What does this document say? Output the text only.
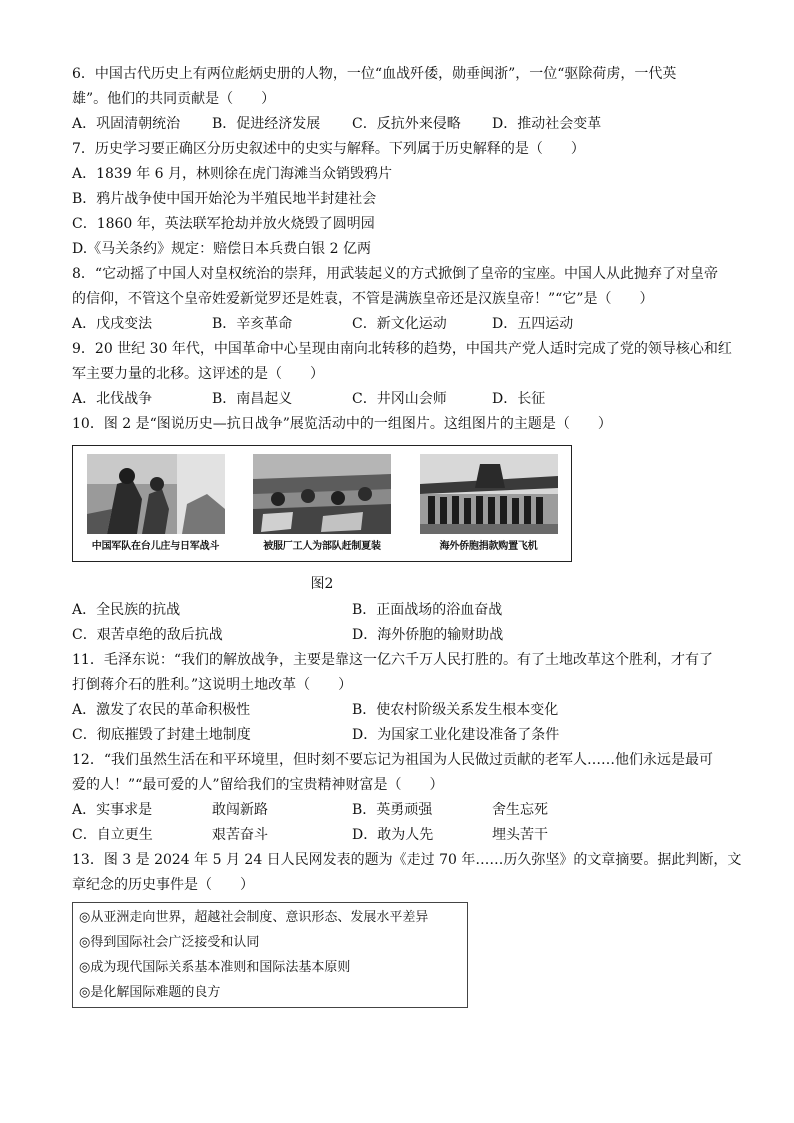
6．中国古代历史上有两位彪炳史册的人物，一位“血战歼倭，勋垂闽浙”，一位“驱除荷虏，一代英
雄”。他们的共同贡献是（　　）
A．巩固清朝统治	B．促进经济发展	C．反抗外来侵略	D．推动社会变革
7．历史学习要正确区分历史叙述中的史实与解释。下列属于历史解释的是（　　）
A．1839 年 6 月，林则徐在虎门海滩当众销毁鸦片
B．鸦片战争使中国开始沦为半殖民地半封建社会
C．1860 年，英法联军抢劫并放火烧毁了圆明园
D.《马关条约》规定：赔偿日本兵费白银 2 亿两
8．“它动摇了中国人对皇权统治的崇拜，用武装起义的方式掀倒了皇帝的宝座。中国人从此抛弃了对皇帝
的信仰，不管这个皇帝姓爱新觉罗还是姓袁，不管是满族皇帝还是汉族皇帝！”“它”是（　　）
A．戊戌变法	B．辛亥革命	C．新文化运动	D．五四运动
9．20 世纪 30 年代，中国革命中心呈现由南向北转移的趋势，中国共产党人适时完成了党的领导核心和红
军主要力量的北移。这评述的是（　　）
A．北伐战争	B．南昌起义	C．井冈山会师	D．长征
10．图 2 是“图说历史—抗日战争”展览活动中的一组图片。这组图片的主题是（　　）
中国军队在台儿庄与日军战斗	被服厂工人为部队赶制夏装	海外侨胞捐款购置飞机
图2
A．全民族的抗战	B．正面战场的浴血奋战
C．艰苦卓绝的敌后抗战	D．海外侨胞的输财助战
11．毛泽东说：“我们的解放战争，主要是靠这一亿六千万人民打胜的。有了土地改革这个胜利，才有了
打倒蒋介石的胜利。”这说明土地改革（　　）
A．激发了农民的革命积极性	B．使农村阶级关系发生根本变化
C．彻底摧毁了封建土地制度	D．为国家工业化建设准备了条件
12．“我们虽然生活在和平环境里，但时刻不要忘记为祖国为人民做过贡献的老军人……他们永远是最可
爱的人！”“最可爱的人”留给我们的宝贵精神财富是（　　）
A．实事求是	敢闯新路	B．英勇顽强	舍生忘死
C．自立更生	艰苦奋斗	D．敢为人先	埋头苦干
13．图 3 是 2024 年 5 月 24 日人民网发表的题为《走过 70 年……历久弥坚》的文章摘要。据此判断，文
章纪念的历史事件是（　　）
◎从亚洲走向世界，超越社会制度、意识形态、发展水平差异
◎得到国际社会广泛接受和认同
◎成为现代国际关系基本准则和国际法基本原则
◎是化解国际难题的良方
